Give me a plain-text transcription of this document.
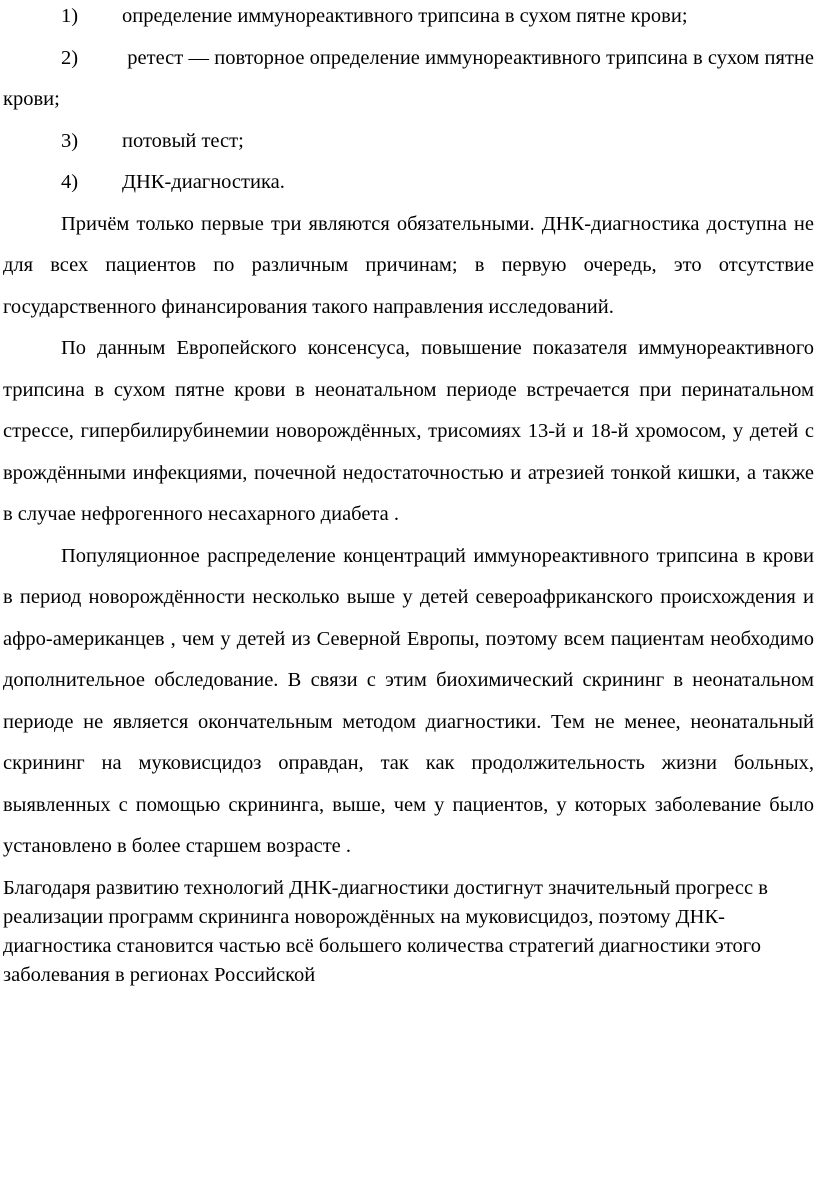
1) определение иммунореактивного трипсина в сухом пятне крови;
2) ретест — повторное определение иммунореактивного трипсина в сухом пятне крови;
3) потовый тест;
4) ДНК-диагностика.

Причём только первые три являются обязательными. ДНК-диагностика доступна не для всех пациентов по различным причинам; в первую очередь, это отсутствие государственного финансирования такого направления исследований.

По данным Европейского консенсуса, повышение показателя иммунореактивного трипсина в сухом пятне крови в неонатальном периоде встречается при перинатальном стрессе, гипербилирубинемии новорождённых, трисомиях 13-й и 18-й хромосом, у детей с врождёнными инфекциями, почечной недостаточностью и атрезией тонкой кишки, а также в случае нефрогенного несахарного диабета .

Популяционное распределение концентраций иммунореактивного трипсина в крови в период новорождённости несколько выше у детей североафриканского происхождения и афро-американцев , чем у детей из Северной Европы, поэтому всем пациентам необходимо дополнительное обследование. В связи с этим биохимический скрининг в неонатальном периоде не является окончательным методом диагностики. Тем не менее, неонатальный скрининг на муковисцидоз оправдан, так как продолжительность жизни больных, выявленных с помощью скрининга, выше, чем у пациентов, у которых заболевание было установлено в более старшем возрасте .

Благодаря развитию технологий ДНК-диагностики достигнут значительный прогресс в реализации программ скрининга новорождённых на муковисцидоз, поэтому ДНК-диагностика становится частью всё большего количества стратегий диагностики этого заболевания в регионах Российской
